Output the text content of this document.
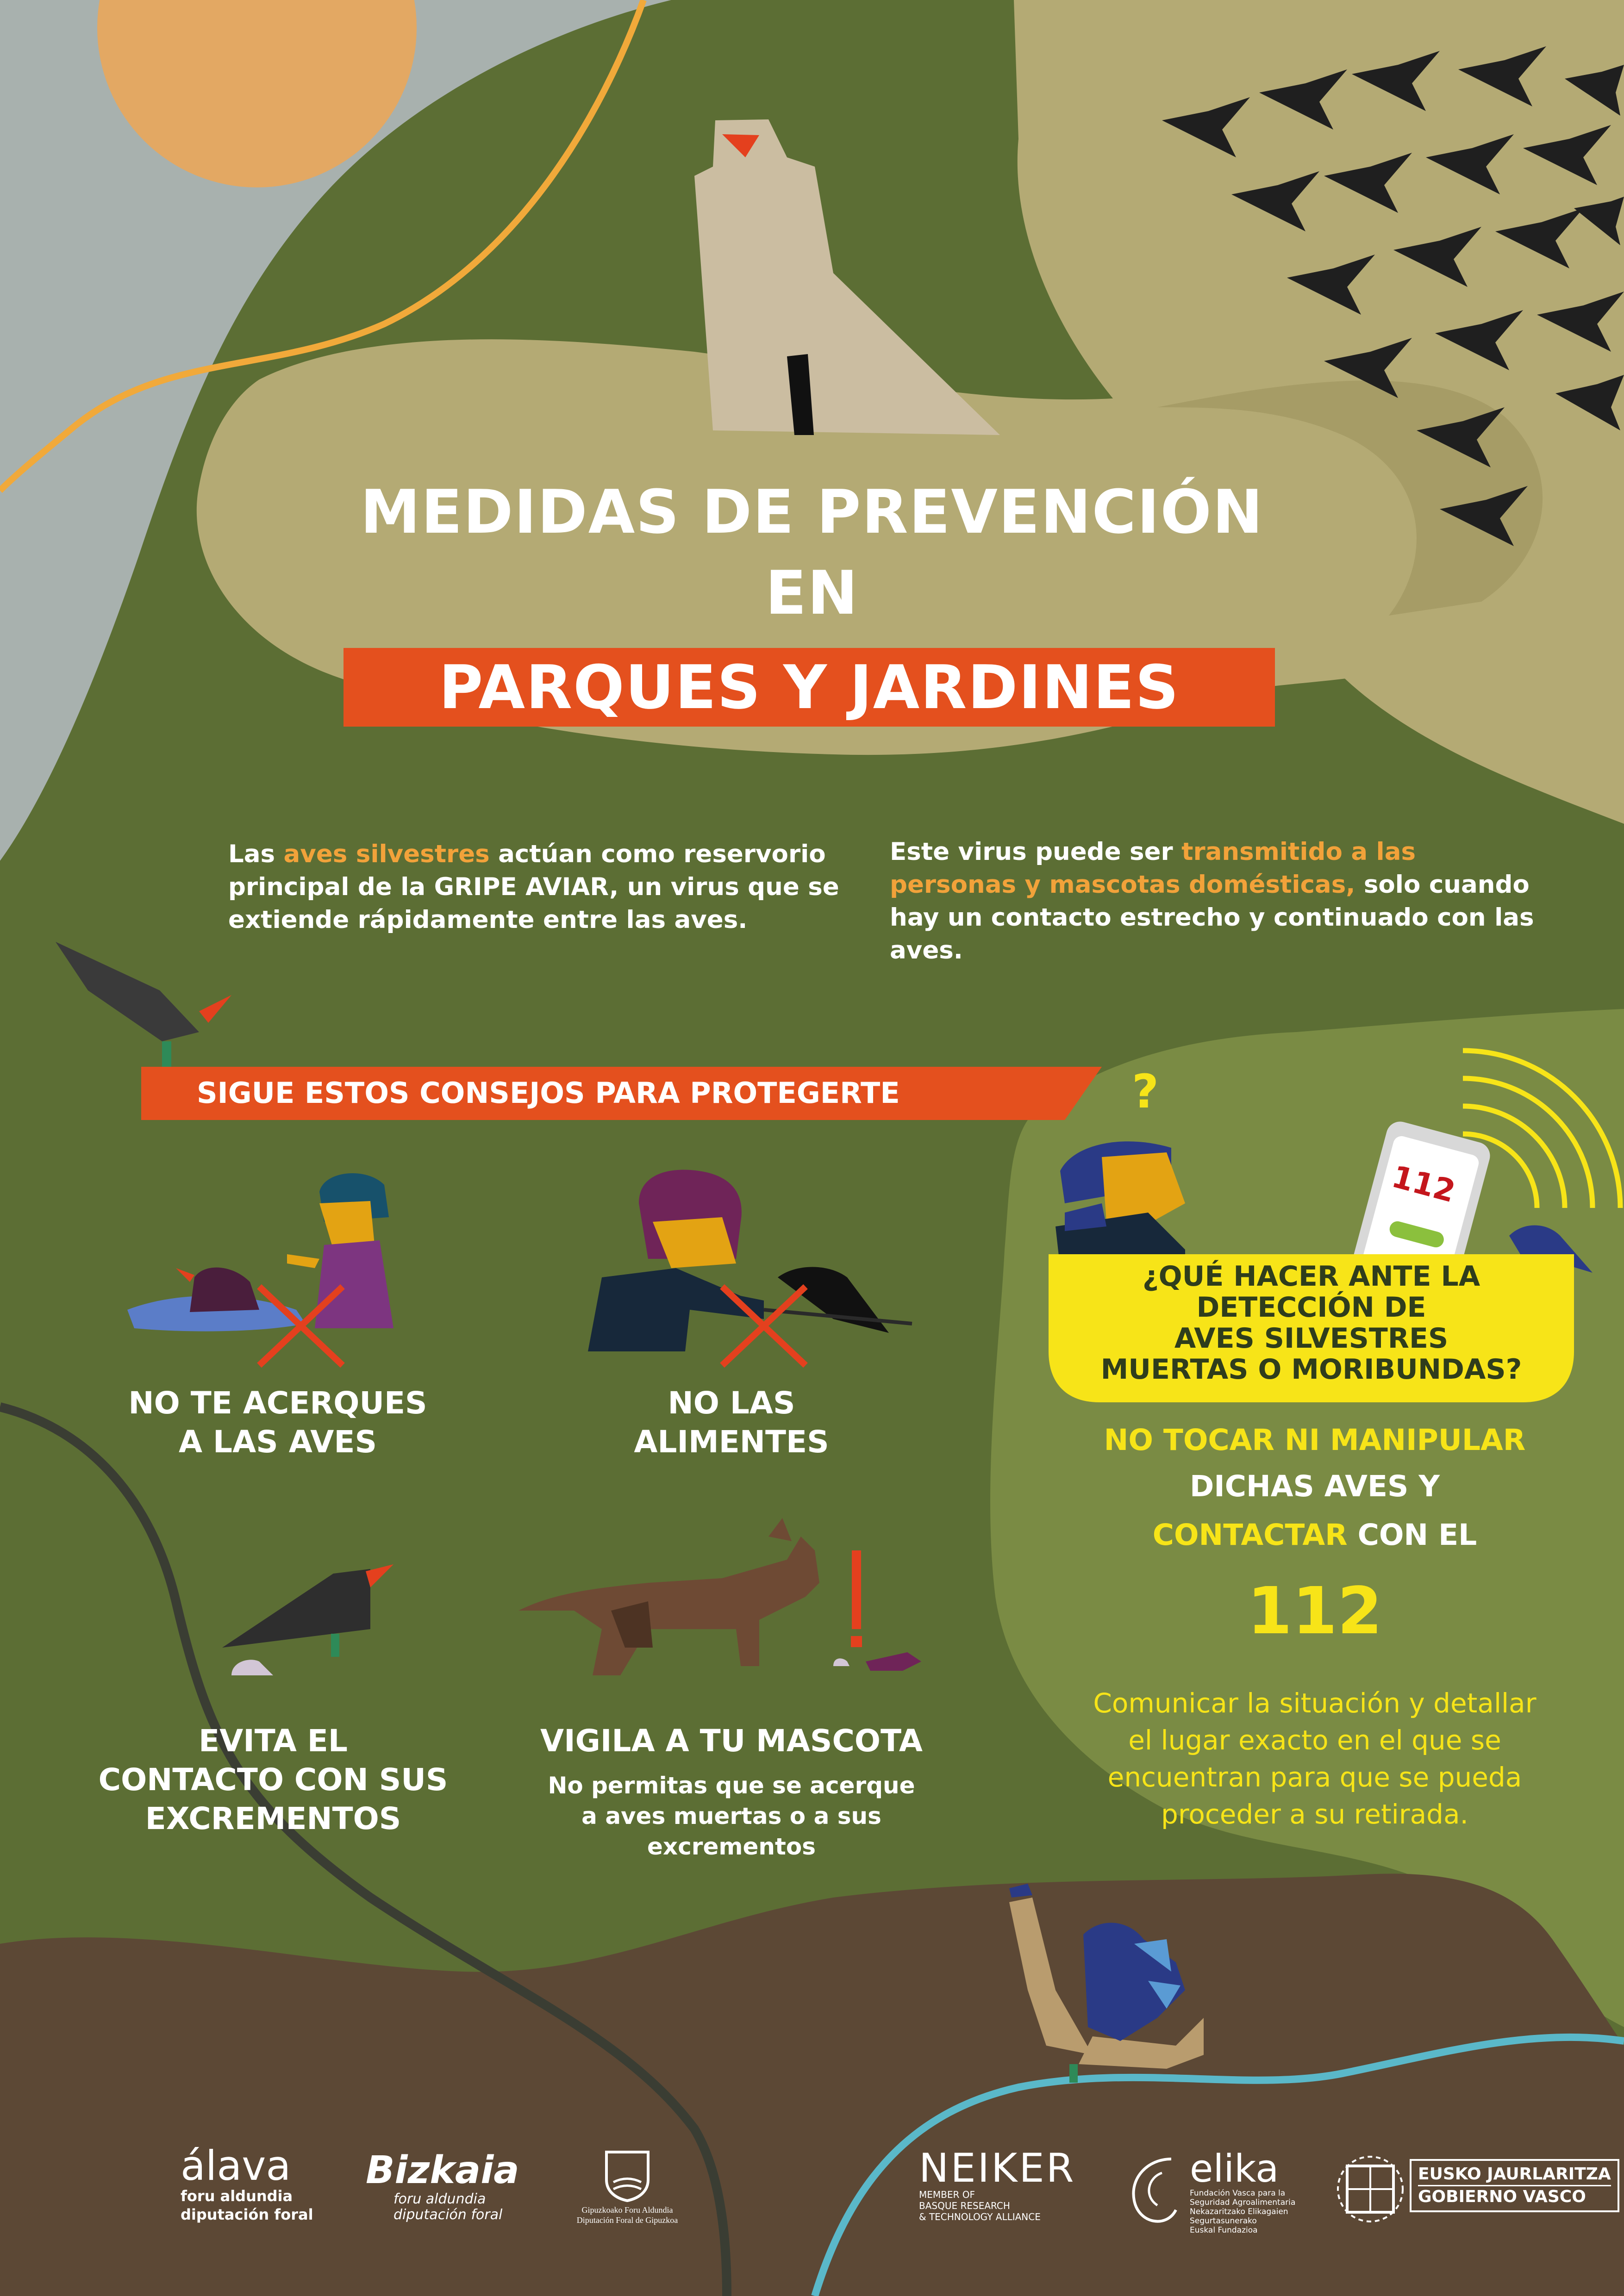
MEDIDAS DE PREVENCIÓN
EN
PARQUES Y JARDINES
Las aves silvestres actúan como reservorio principal de la GRIPE AVIAR, un virus que se extiende rápidamente entre las aves.
Este virus puede ser transmitido a las personas y mascotas domésticas, solo cuando hay un contacto estrecho y continuado con las aves.
SIGUE ESTOS CONSEJOS PARA PROTEGERTE
NO TE ACERQUES
A LAS AVES
NO LAS
ALIMENTES
EVITA EL
CONTACTO CON SUS
EXCREMENTOS
VIGILA A TU MASCOTA
No permitas que se acerque
a aves muertas o a sus
excrementos
?
112
¿QUÉ HACER ANTE LA
DETECCIÓN DE
AVES SILVESTRES
MUERTAS O MORIBUNDAS?
NO TOCAR NI MANIPULAR
DICHAS AVES Y
CONTACTAR CON EL
112
Comunicar la situación y detallar
el lugar exacto en el que se
encuentran para que se pueda
proceder a su retirada.
álava
foru aldundia
diputación foral
Bizkaia
foru aldundia
diputación foral	Gipuzkoako Foru Aldundia
Diputación Foral de Gipuzkoa
NEIKER
MEMBER OF
BASQUE RESEARCH
& TECHNOLOGY ALLIANCE
elika
Fundación Vasca para la
Seguridad Agroalimentaria
Nekazaritzako Elikagaien
Segurtasunerako
Euskal Fundazioa
EUSKO JAURLARITZA
GOBIERNO VASCO
